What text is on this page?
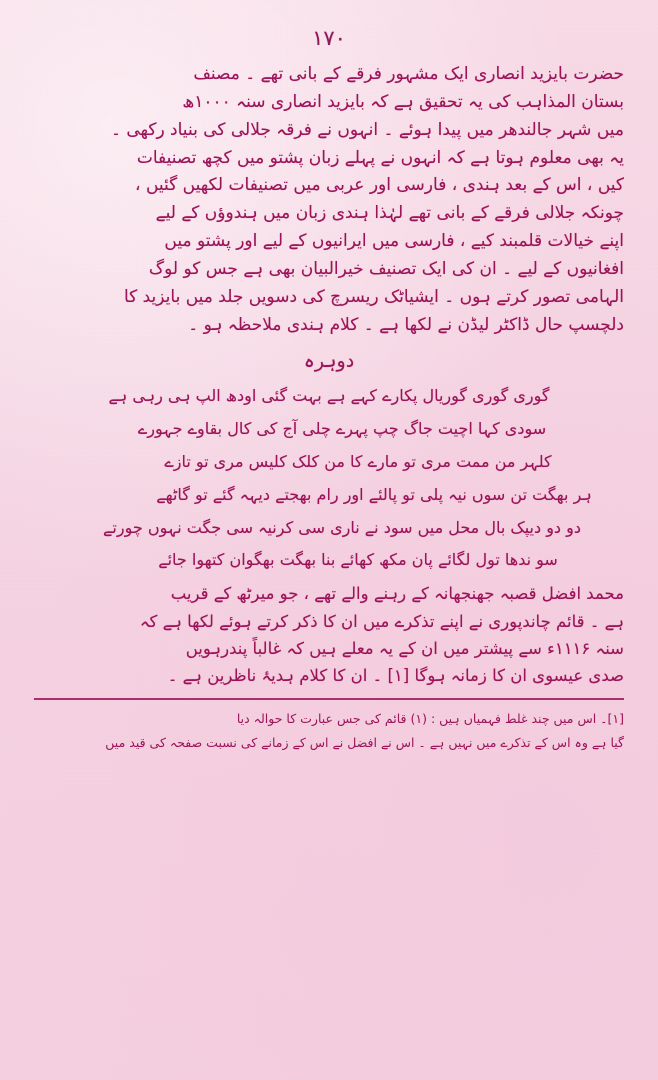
۱۷۰

حضرت بایزید انصاری ایک مشہور فرقے کے بانی تھے ۔ مصنف

بستان المذاہب کی یہ تحقیق ہے کہ بایزید انصاری سنہ ۱۰۰۰ھ

میں شہر جالندھر میں پیدا ہوئے ۔ انہوں نے فرقہ جلالی کی بنیاد رکھی ۔

یہ بھی معلوم ہوتا ہے کہ انہوں نے پہلے زبان پشتو میں کچھ تصنیفات

کیں ، اس کے بعد ہندی ، فارسی اور عربی میں تصنیفات لکھیں گئیں ،

چونکہ جلالی فرقے کے بانی تھے لہٰذا ہندی زبان میں ہندوؤں کے لیے

اپنے خیالات قلمبند کیے ، فارسی میں ایرانیوں کے لیے اور پشتو میں

افغانیوں کے لیے ۔ ان کی ایک تصنیف خیرالبیان بھی ہے جس کو لوگ

الہامی تصور کرتے ہوں ۔ ایشیاٹک ریسرچ کی دسویں جلد میں بایزید کا

دلچسپ حال ڈاکٹر لیڈن نے لکھا ہے ۔ کلام ہندی ملاحظہ ہو ۔

دوہرہ

گوری گوری گوریال پکارے کہے ہے بہت گئی اودھ الپ ہی رہی ہے

سودی کہا اچیت جاگ چپ پہرے چلی آج کی کال بقاوے جہورے

کلہر من ممت مری تو مارے کا من کلک کلیس مری تو تازے

ہر بھگت تن سوں نیہ پلی تو پالئے اور رام بھجتے دیہہ گئے تو گاٹھے

دو دو دیپک بال محل میں سود نے ناری سی کرنیہ سی جگت نہوں چورتے

سو ندھا تول لگائے پان مکھ کھائے بنا بھگت بھگوان کتھوا جائے

محمد افضل قصبہ جھنجھانہ کے رہنے والے تھے ، جو میرٹھ کے قریب

ہے ۔ قائم چاندپوری نے اپنے تذکرے میں ان کا ذکر کرتے ہوئے لکھا ہے کہ

سنہ ۱۱۱۶ء سے پیشتر میں ان کے یہ معلے ہیں کہ غالباً پندرہویں

صدی عیسوی ان کا زمانہ ہوگا [۱] ۔ ان کا کلام ہدیۂ ناظرین ہے ۔

[۱]۔ اس میں چند غلط فہمیاں ہیں : (۱) قائم کی جس عبارت کا حوالہ دیا
گیا ہے وہ اس کے تذکرے میں نہیں ہے ۔ اس نے افضل نے اس کے زمانے کی نسبت صفحہ کی قید میں
